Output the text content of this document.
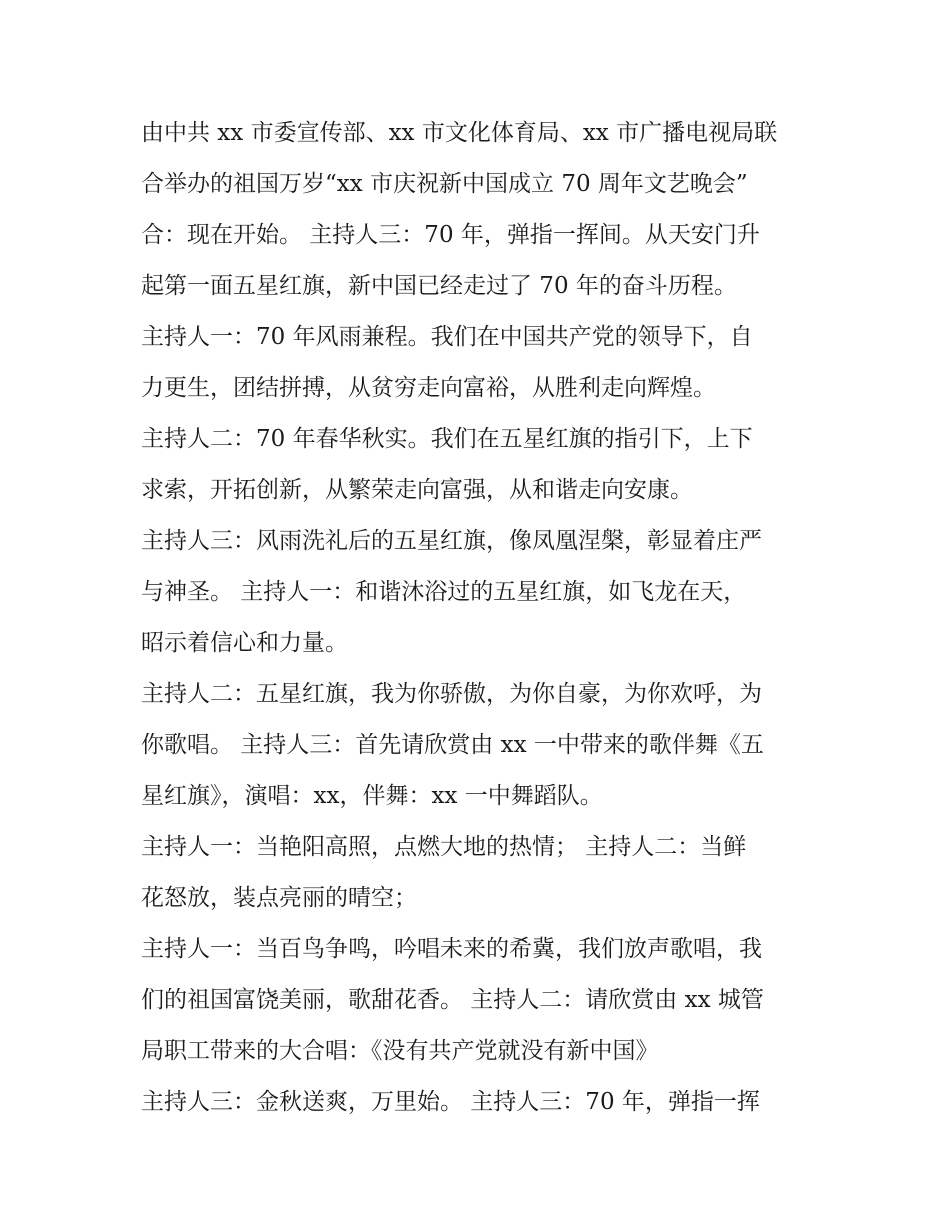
由中共 xx 市委宣传部、xx 市文化体育局、xx 市广播电视局联
合举办的祖国万岁“xx 市庆祝新中国成立 70 周年文艺晚会”
合：现在开始。 主持人三：70 年，弹指一挥间。从天安门升
起第一面五星红旗，新中国已经走过了 70 年的奋斗历程。
主持人一：70 年风雨兼程。我们在中国共产党的领导下，自
力更生，团结拼搏，从贫穷走向富裕，从胜利走向辉煌。
主持人二：70 年春华秋实。我们在五星红旗的指引下，上下
求索，开拓创新，从繁荣走向富强，从和谐走向安康。
主持人三：风雨洗礼后的五星红旗，像凤凰涅槃，彰显着庄严
与神圣。 主持人一：和谐沐浴过的五星红旗，如飞龙在天，
昭示着信心和力量。
主持人二：五星红旗，我为你骄傲，为你自豪，为你欢呼，为
你歌唱。 主持人三：首先请欣赏由 xx 一中带来的歌伴舞《五
星红旗》，演唱：xx，伴舞：xx 一中舞蹈队。
主持人一：当艳阳高照，点燃大地的热情； 主持人二：当鲜
花怒放，装点亮丽的晴空；
主持人一：当百鸟争鸣，吟唱未来的希冀，我们放声歌唱，我
们的祖国富饶美丽，歌甜花香。 主持人二：请欣赏由 xx 城管
局职工带来的大合唱：《没有共产党就没有新中国》
主持人三：金秋送爽，万里始。 主持人三：70 年，弹指一挥
